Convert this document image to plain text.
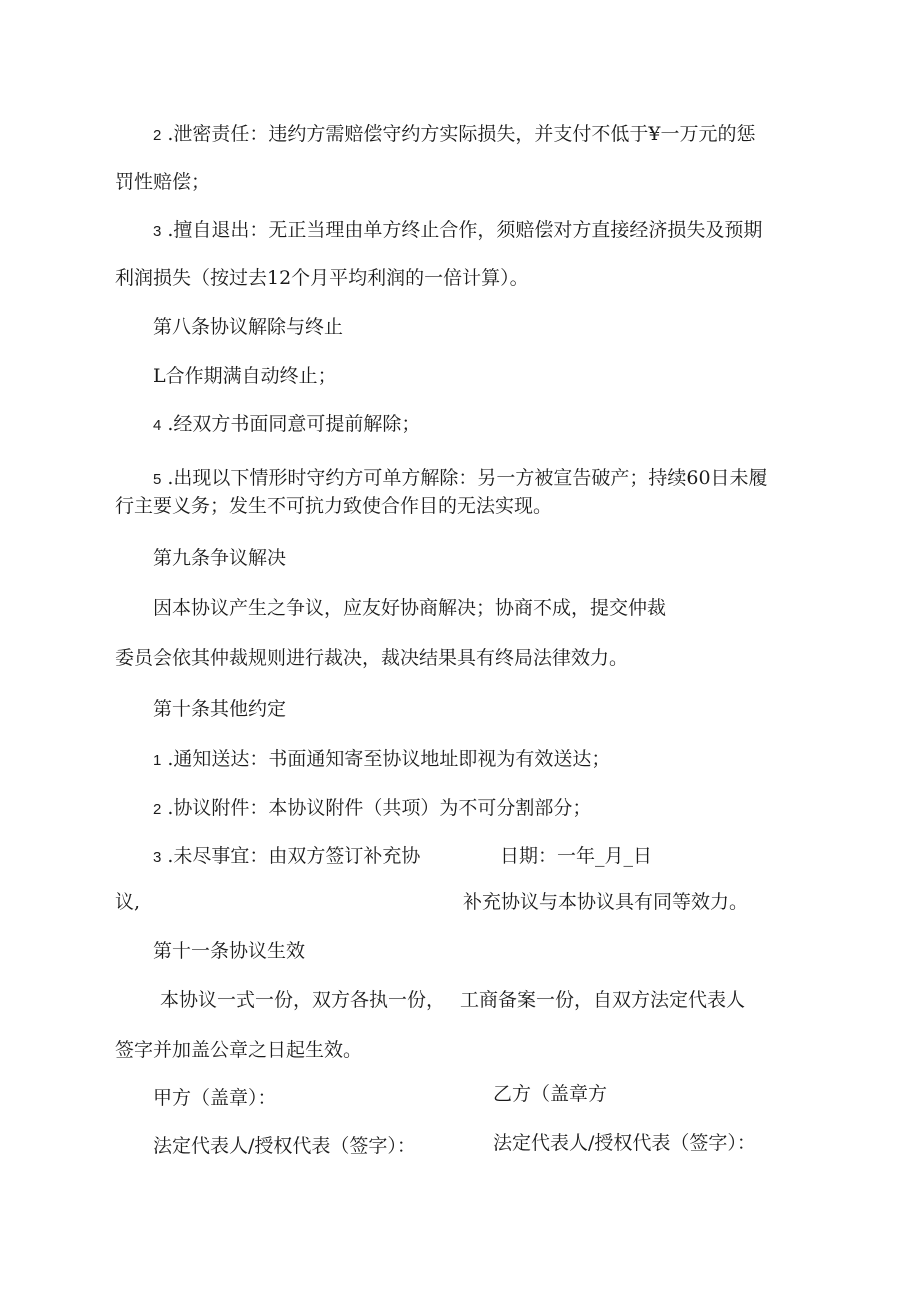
2 .泄密责任：违约方需赔偿守约方实际损失，并支付不低于¥一万元的惩
罚性赔偿；
3 .擅自退出：无正当理由单方终止合作，须赔偿对方直接经济损失及预期
利润损失（按过去12个月平均利润的一倍计算）。
第八条协议解除与终止
L合作期满自动终止；
4 .经双方书面同意可提前解除；
5 .出现以下情形时守约方可单方解除：另一方被宣告破产；持续60日未履
行主要义务；发生不可抗力致使合作目的无法实现。
第九条争议解决
因本协议产生之争议，应友好协商解决；协商不成，提交仲裁
委员会依其仲裁规则进行裁决，裁决结果具有终局法律效力。
第十条其他约定
1 .通知送达：书面通知寄至协议地址即视为有效送达；
2 .协议附件：本协议附件（共项）为不可分割部分；
3 .未尽事宜：由双方签订补充协	日期：一年_月_日
议,	补充协议与本协议具有同等效力。
第十一条协议生效
本协议一式一份，双方各执一份， 工商备案一份，自双方法定代表人
签字并加盖公章之日起生效。
甲方（盖章）：	乙方（盖章方
法定代表人/授权代表（签字）：	法定代表人/授权代表（签字）：
